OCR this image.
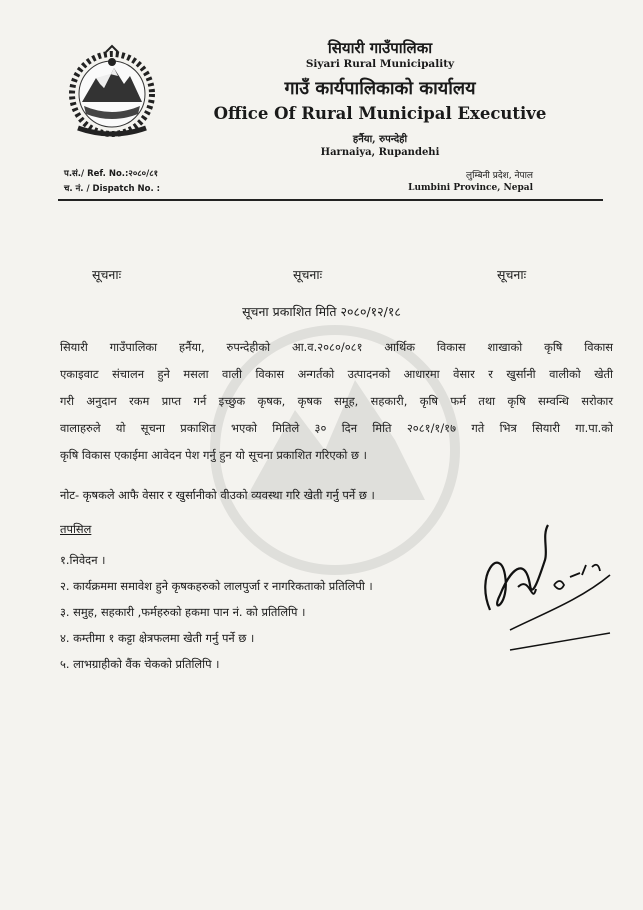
सियारी गाउँपालिका
Siyari Rural Municipality
गाउँ कार्यपालिकाको कार्यालय
Office Of Rural Municipal Executive
हर्नैया, रुपन्देही
Harnaiya, Rupandehi
प.सं./ Ref. No.:२०८०/८१
च. नं. / Dispatch No. :
लुम्बिनी प्रदेश, नेपाल
Lumbini Province, Nepal
सूचनाः	सूचनाः	सूचनाः
सूचना प्रकाशित मिति २०८०/१२/१८
सियारी गाउँपालिका हर्नैया, रुपन्देहीको आ.व.२०८०/०८१ आर्थिक विकास शाखाको कृषि विकास
एकाइवाट संचालन हुने मसला वाली विकास अन्गर्तको उत्पादनको आधारमा वेसार र खुर्सानी वालीको खेती
गरी अनुदान रकम प्राप्त गर्न इच्छुक कृषक, कृषक समूह, सहकारी, कृषि फर्म तथा कृषि सम्वन्धि सरोकार
वालाहरुले यो सूचना प्रकाशित भएको मितिले ३० दिन मिति २०८१/१/१७ गते भित्र सियारी गा.पा.को
कृषि विकास एकाईमा आवेदन पेश गर्नु हुन यो सूचना प्रकाशित गरिएको छ ।
नोट- कृषकले आफै वेसार र खुर्सानीको वीउको व्यवस्था गरि खेती गर्नु पर्ने छ ।
तपसिल
१.निवेदन ।
२. कार्यक्रममा समावेश हुने कृषकहरुको लालपुर्जा र नागरिकताको प्रतिलिपी ।
३. समुह, सहकारी ,फर्महरुको हकमा पान नं. को प्रतिलिपि ।
४. कम्तीमा १ कट्टा क्षेत्रफलमा खेती गर्नु पर्ने छ ।
५. लाभग्राहीको वैंक चेकको प्रतिलिपि ।
